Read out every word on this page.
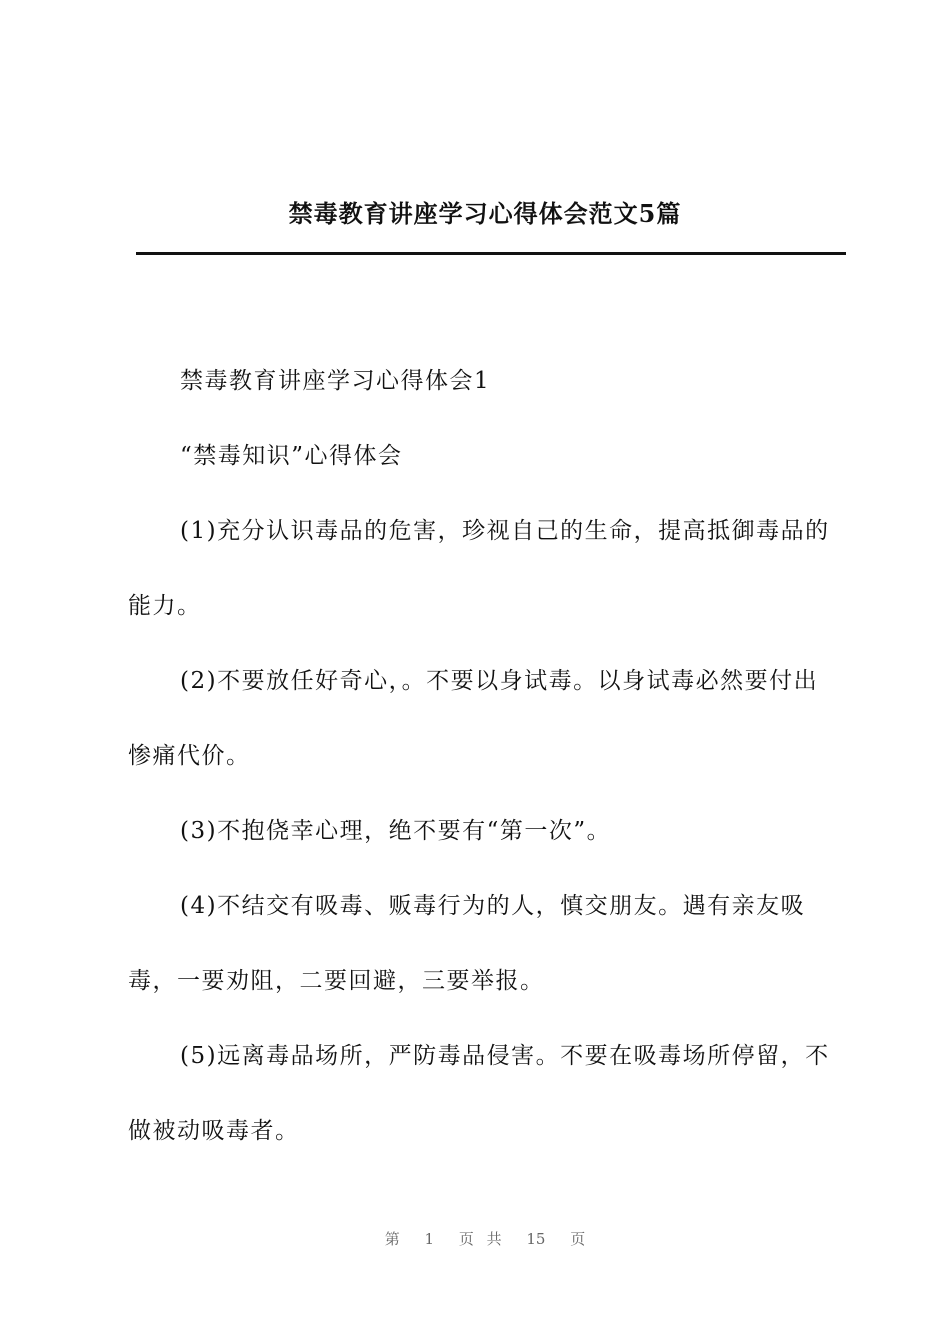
禁毒教育讲座学习心得体会范文5篇

禁毒教育讲座学习心得体会1

“禁毒知识”心得体会

(1)充分认识毒品的危害，珍视自己的生命，提高抵御毒品的能力。

(2)不要放任好奇心，。不要以身试毒。以身试毒必然要付出惨痛代价。

(3)不抱侥幸心理，绝不要有“第一次”。

(4)不结交有吸毒、贩毒行为的人，慎交朋友。遇有亲友吸毒，一要劝阻，二要回避，三要举报。

(5)远离毒品场所，严防毒品侵害。不要在吸毒场所停留，不做被动吸毒者。

第 1 页 共 15 页
